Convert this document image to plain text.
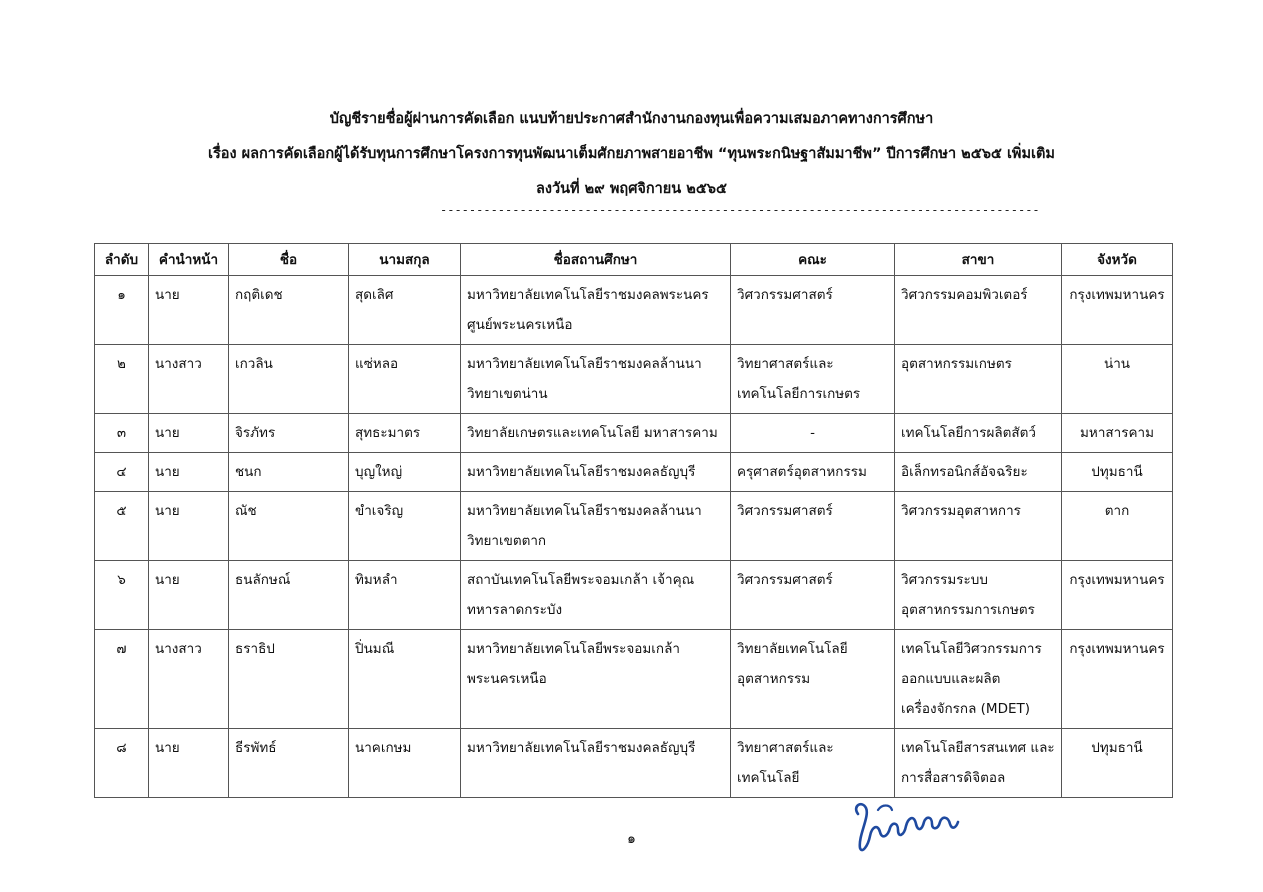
บัญชีรายชื่อผู้ผ่านการคัดเลือก แนบท้ายประกาศสำนักงานกองทุนเพื่อความเสมอภาคทางการศึกษา
เรื่อง ผลการคัดเลือกผู้ได้รับทุนการศึกษาโครงการทุนพัฒนาเต็มศักยภาพสายอาชีพ “ทุนพระกนิษฐาสัมมาชีพ” ปีการศึกษา ๒๕๖๕ เพิ่มเติม
ลงวันที่ ๒๙ พฤศจิกายน ๒๕๖๕
-----------------------------------------------------------------------------------
ลำดับ	คำนำหน้า	ชื่อ	นามสกุล	ชื่อสถานศึกษา	คณะ	สาขา	จังหวัด
๑	นาย	กฤติเดช	สุดเลิศ	มหาวิทยาลัยเทคโนโลยีราชมงคลพระนคร ศูนย์พระนครเหนือ	วิศวกรรมศาสตร์	วิศวกรรมคอมพิวเตอร์	กรุงเทพมหานคร
๒	นางสาว	เกวลิน	แซ่หลอ	มหาวิทยาลัยเทคโนโลยีราชมงคลล้านนา วิทยาเขตน่าน	วิทยาศาสตร์และ เทคโนโลยีการเกษตร	อุตสาหกรรมเกษตร	น่าน
๓	นาย	จิรภัทร	สุทธะมาตร	วิทยาลัยเกษตรและเทคโนโลยี มหาสารคาม	-	เทคโนโลยีการผลิตสัตว์	มหาสารคาม
๔	นาย	ชนก	บุญใหญ่	มหาวิทยาลัยเทคโนโลยีราชมงคลธัญบุรี	ครุศาสตร์อุตสาหกรรม	อิเล็กทรอนิกส์อัจฉริยะ	ปทุมธานี
๕	นาย	ณัช	ขำเจริญ	มหาวิทยาลัยเทคโนโลยีราชมงคลล้านนา วิทยาเขตตาก	วิศวกรรมศาสตร์	วิศวกรรมอุตสาหการ	ตาก
๖	นาย	ธนลักษณ์	ทิมหลำ	สถาบันเทคโนโลยีพระจอมเกล้า เจ้าคุณทหารลาดกระบัง	วิศวกรรมศาสตร์	วิศวกรรมระบบ อุตสาหกรรมการเกษตร	กรุงเทพมหานคร
๗	นางสาว	ธราธิป	ปิ่นมณี	มหาวิทยาลัยเทคโนโลยีพระจอมเกล้า พระนครเหนือ	วิทยาลัยเทคโนโลยี อุตสาหกรรม	เทคโนโลยีวิศวกรรมการ ออกแบบและผลิต เครื่องจักรกล (MDET)	กรุงเทพมหานคร
๘	นาย	ธีรพัทธ์	นาคเกษม	มหาวิทยาลัยเทคโนโลยีราชมงคลธัญบุรี	วิทยาศาสตร์และ เทคโนโลยี	เทคโนโลยีสารสนเทศ และการสื่อสารดิจิตอล	ปทุมธานี
๑
